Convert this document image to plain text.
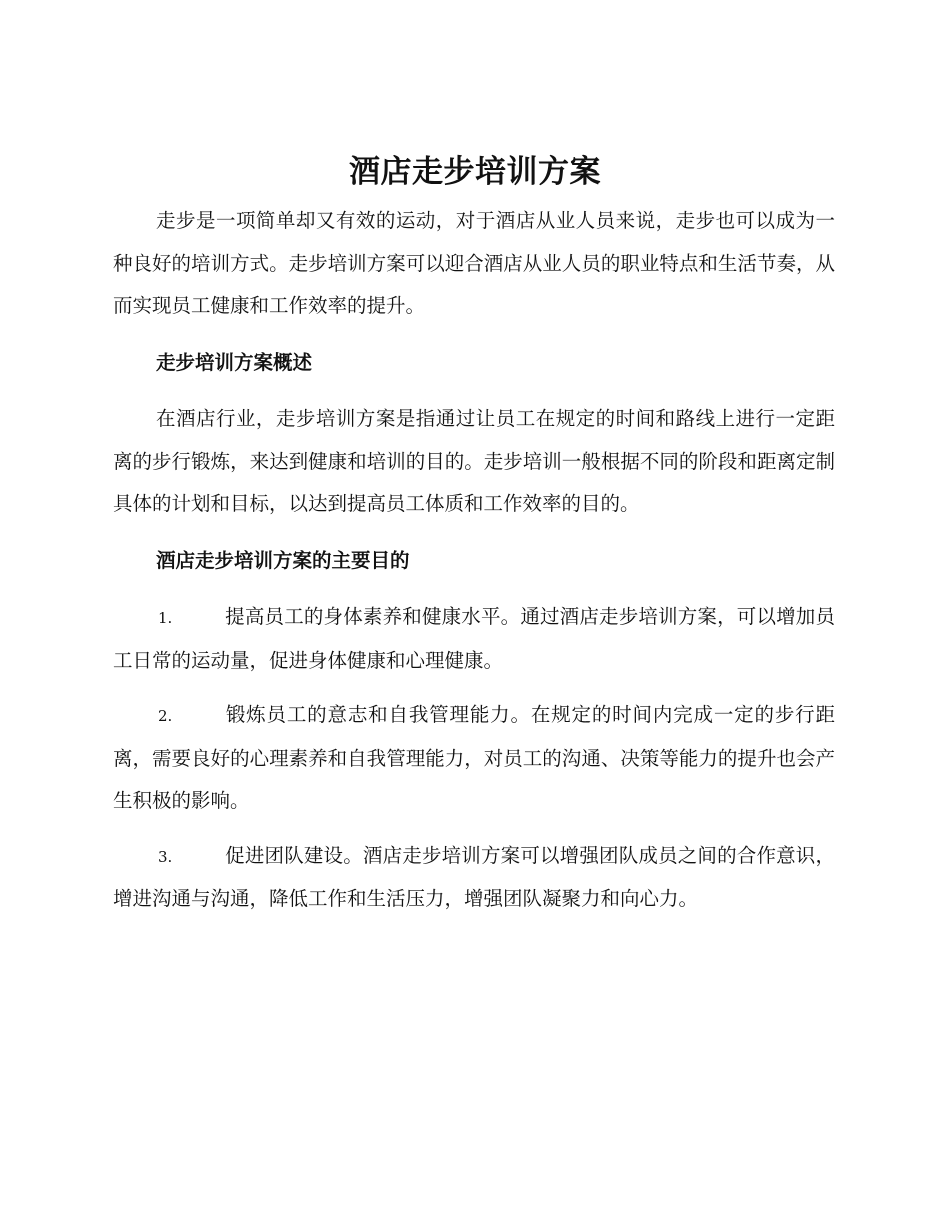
酒店走步培训方案

走步是一项简单却又有效的运动，对于酒店从业人员来说，走步也可以成为一种良好的培训方式。走步培训方案可以迎合酒店从业人员的职业特点和生活节奏，从而实现员工健康和工作效率的提升。

走步培训方案概述

在酒店行业，走步培训方案是指通过让员工在规定的时间和路线上进行一定距离的步行锻炼，来达到健康和培训的目的。走步培训一般根据不同的阶段和距离定制具体的计划和目标，以达到提高员工体质和工作效率的目的。

酒店走步培训方案的主要目的

1.	提高员工的身体素养和健康水平。通过酒店走步培训方案，可以增加员工日常的运动量，促进身体健康和心理健康。

2.	锻炼员工的意志和自我管理能力。在规定的时间内完成一定的步行距离，需要良好的心理素养和自我管理能力，对员工的沟通、决策等能力的提升也会产生积极的影响。

3.	促进团队建设。酒店走步培训方案可以增强团队成员之间的合作意识，增进沟通与沟通，降低工作和生活压力，增强团队凝聚力和向心力。
